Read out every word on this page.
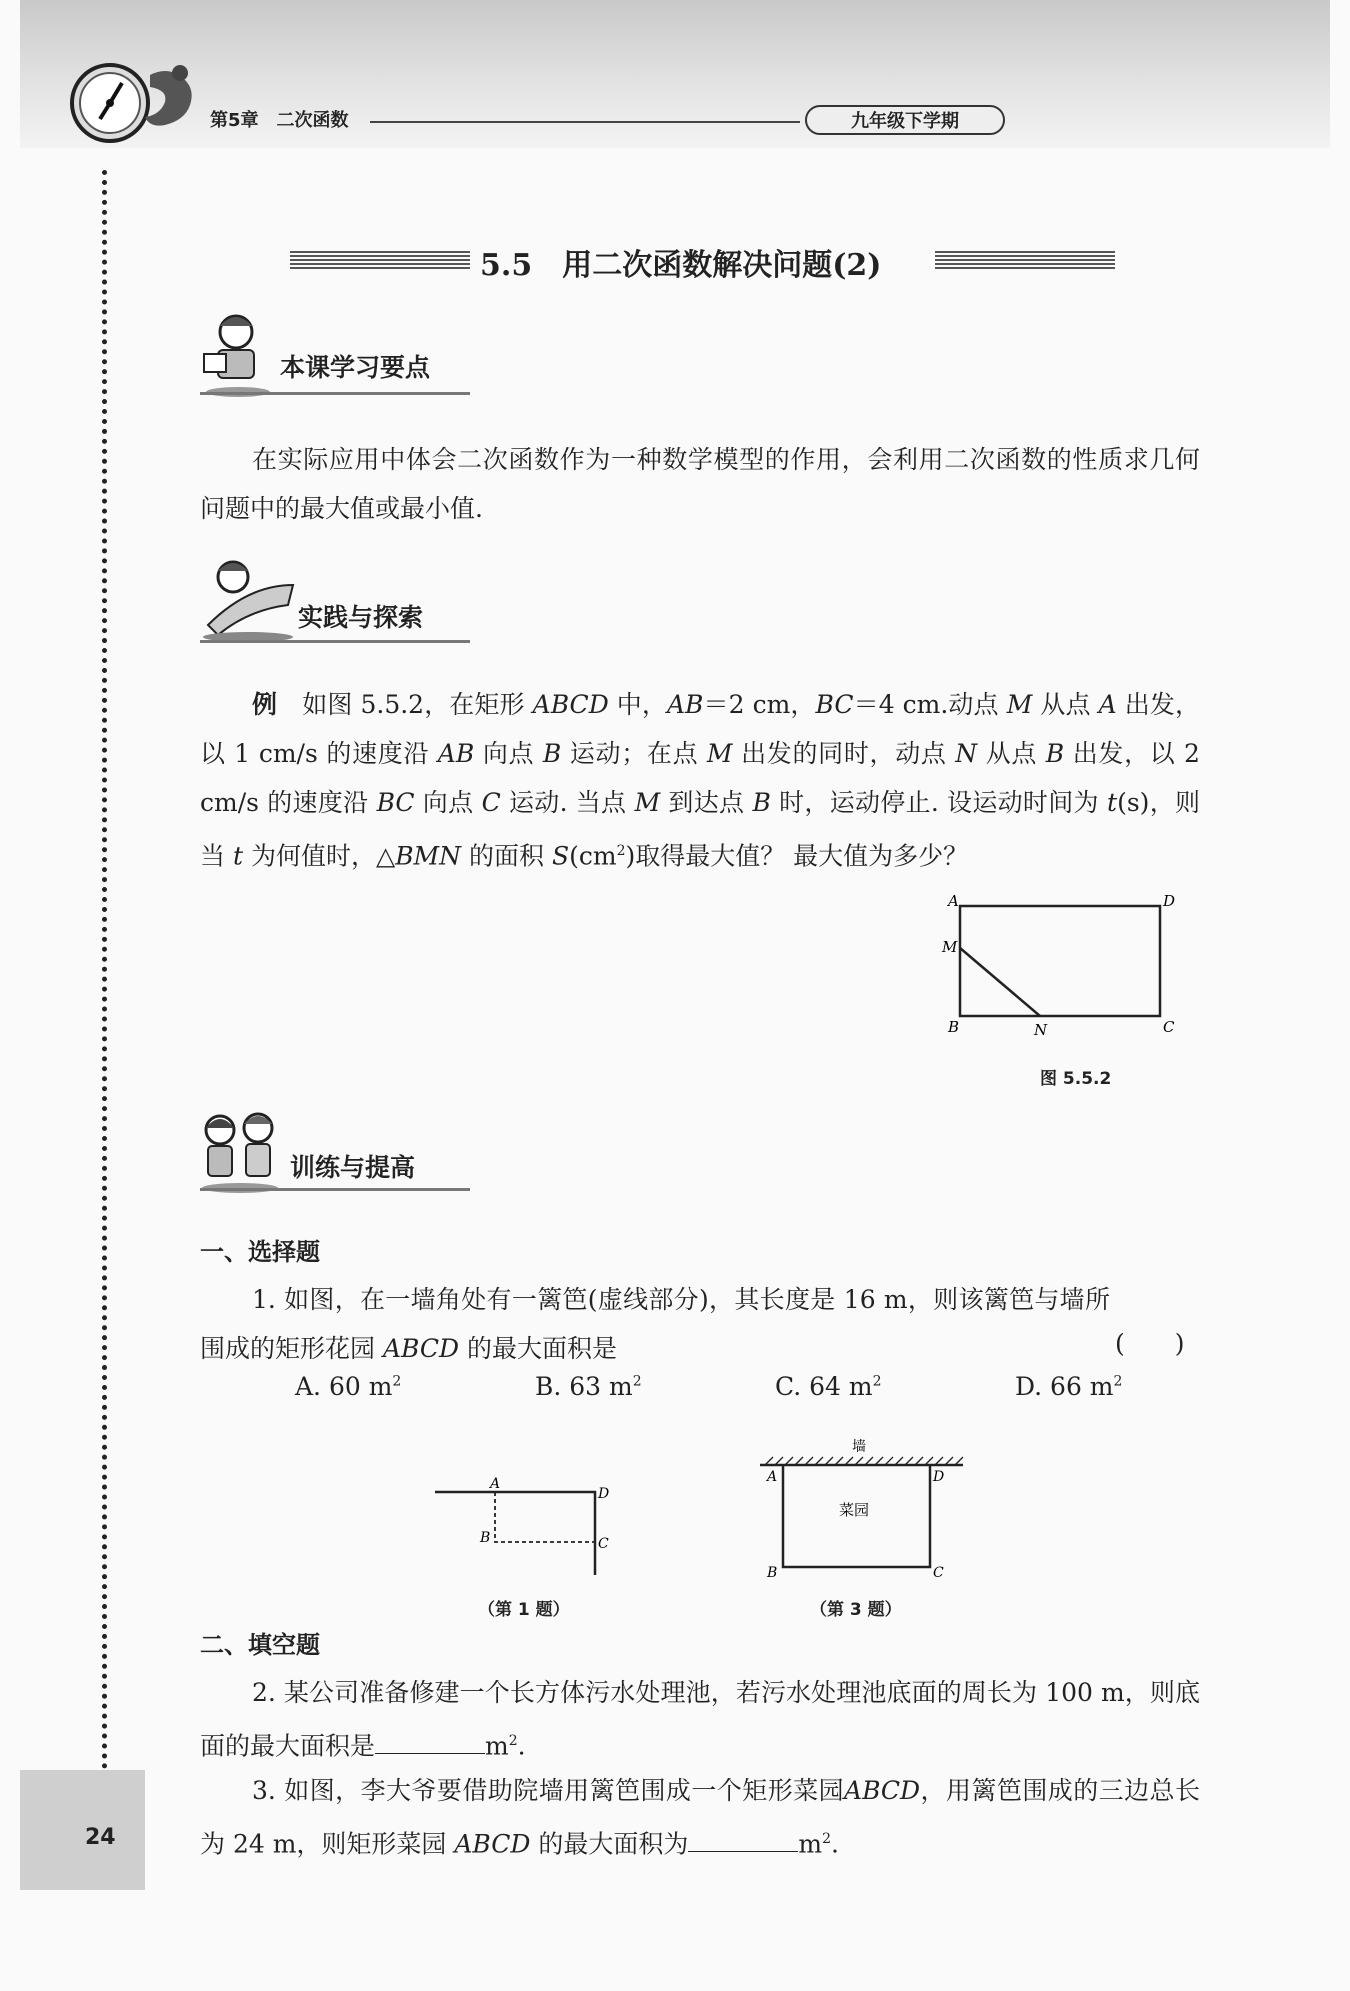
第5章　二次函数	九年级下学期
24
5.5　用二次函数解决问题(2)
本课学习要点

在实际应用中体会二次函数作为一种数学模型的作用，会利用二次函数的性质求几何问题中的最大值或最小值.

实践与探索

例　 如图 5.5.2，在矩形 ABCD 中，AB＝2 cm，BC＝4 cm.动点 M 从点 A 出发，以 1 cm/s 的速度沿 AB 向点 B 运动；在点 M 出发的同时，动点 N 从点 B 出发，以 2 cm/s 的速度沿 BC 向点 C 运动. 当点 M 到达点 B 时，运动停止. 设运动时间为 t(s)，则当 t 为何值时，△BMN 的面积 $S(cm^2)$取得最大值？ 最大值为多少？

A	D
M
B	N	C
图 5.5.2
训练与提高
一、选择题

1. 如图，在一墙角处有一篱笆(虚线部分)，其长度是 16 m，则该篱笆与墙所围成的矩形花园 ABCD 的最大面积是	(　　)
A. 60 $m^2$	B. 63 $m^2$	C. 64 $m^2$	D. 66 $m^2$
A
D
B	C
（第 1 题）
墙
菜园
A	D
B	C
（第 3 题）
二、填空题

2. 某公司准备修建一个长方体污水处理池，若污水处理池底面的周长为 100 m，则底面的最大面积是	$m^2$.

3. 如图，李大爷要借助院墙用篱笆围成一个矩形菜园ABCD，用篱笆围成的三边总长为 24 m，则矩形菜园 ABCD 的最大面积为	$m^2$.
